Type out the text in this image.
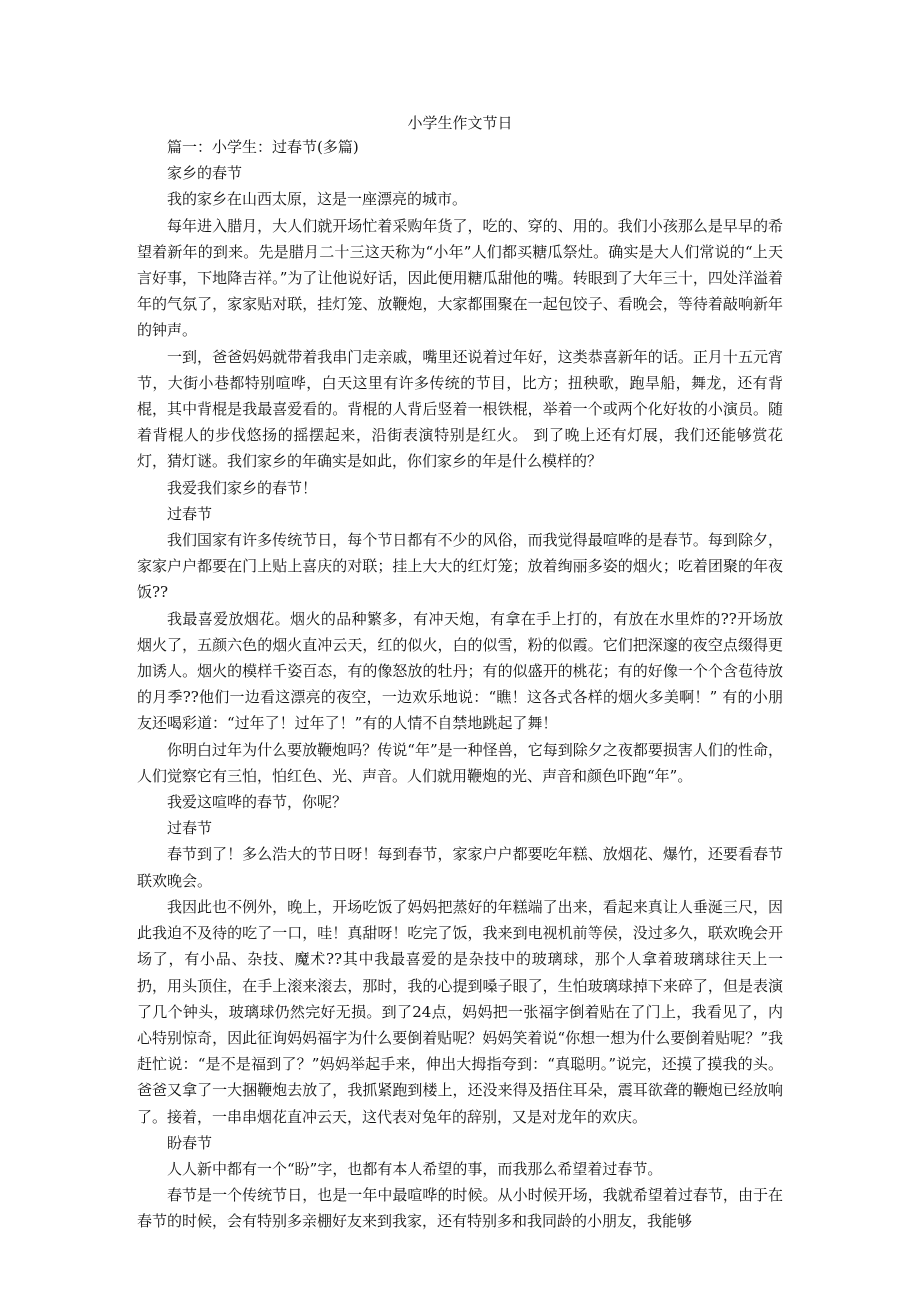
小学生作文节日

篇一：小学生：过春节(多篇)

家乡的春节

我的家乡在山西太原，这是一座漂亮的城市。

每年进入腊月，大人们就开场忙着采购年货了，吃的、穿的、用的。我们小孩那么是早早的希望着新年的到来。先是腊月二十三这天称为“小年”人们都买糖瓜祭灶。确实是大人们常说的“上天言好事，下地降吉祥。”为了让他说好话，因此便用糖瓜甜他的嘴。转眼到了大年三十，四处洋溢着年的气氛了，家家贴对联，挂灯笼、放鞭炮，大家都围聚在一起包饺子、看晚会，等待着敲响新年的钟声。

一到，爸爸妈妈就带着我串门走亲戚，嘴里还说着过年好，这类恭喜新年的话。正月十五元宵节，大街小巷都特别喧哗，白天这里有许多传统的节目，比方；扭秧歌，跑旱船，舞龙，还有背棍，其中背棍是我最喜爱看的。背棍的人背后竖着一根铁棍，举着一个或两个化好妆的小演员。随着背棍人的步伐悠扬的摇摆起来，沿街表演特别是红火。 到了晚上还有灯展，我们还能够赏花灯，猜灯谜。我们家乡的年确实是如此，你们家乡的年是什么模样的？

我爱我们家乡的春节！

过春节

我们国家有许多传统节日，每个节日都有不少的风俗，而我觉得最喧哗的是春节。每到除夕，家家户户都要在门上贴上喜庆的对联；挂上大大的红灯笼；放着绚丽多姿的烟火；吃着团聚的年夜饭??

我最喜爱放烟花。烟火的品种繁多，有冲天炮，有拿在手上打的，有放在水里炸的??开场放烟火了，五颜六色的烟火直冲云天，红的似火，白的似雪，粉的似霞。它们把深邃的夜空点缀得更加诱人。烟火的模样千姿百态，有的像怒放的牡丹；有的似盛开的桃花；有的好像一个个含苞待放的月季??他们一边看这漂亮的夜空，一边欢乐地说：“瞧！这各式各样的烟火多美啊！” 有的小朋友还喝彩道：“过年了！过年了！”有的人情不自禁地跳起了舞！

你明白过年为什么要放鞭炮吗？传说“年”是一种怪兽，它每到除夕之夜都要损害人们的性命，人们觉察它有三怕，怕红色、光、声音。人们就用鞭炮的光、声音和颜色吓跑“年”。

我爱这喧哗的春节，你呢？

过春节

春节到了！多么浩大的节日呀！每到春节，家家户户都要吃年糕、放烟花、爆竹，还要看春节联欢晚会。

我因此也不例外，晚上，开场吃饭了妈妈把蒸好的年糕端了出来，看起来真让人垂涎三尺，因此我迫不及待的吃了一口，哇！真甜呀！吃完了饭，我来到电视机前等侯，没过多久，联欢晚会开场了，有小品、杂技、魔术??其中我最喜爱的是杂技中的玻璃球，那个人拿着玻璃球往天上一扔，用头顶住，在手上滚来滚去，那时，我的心提到嗓子眼了，生怕玻璃球掉下来碎了，但是表演了几个钟头，玻璃球仍然完好无损。到了24点，妈妈把一张福字倒着贴在了门上，我看见了，内心特别惊奇，因此征询妈妈福字为什么要倒着贴呢？妈妈笑着说“你想一想为什么要倒着贴呢？”我赶忙说：“是不是福到了？”妈妈举起手来，伸出大拇指夸到：“真聪明。”说完，还摸了摸我的头。爸爸又拿了一大捆鞭炮去放了，我抓紧跑到楼上，还没来得及捂住耳朵，震耳欲聋的鞭炮已经放响了。接着，一串串烟花直冲云天，这代表对兔年的辞别，又是对龙年的欢庆。

盼春节

人人新中都有一个“盼”字，也都有本人希望的事，而我那么希望着过春节。

春节是一个传统节日，也是一年中最喧哗的时候。从小时候开场，我就希望着过春节，由于在春节的时候，会有特别多亲棚好友来到我家，还有特别多和我同龄的小朋友，我能够
